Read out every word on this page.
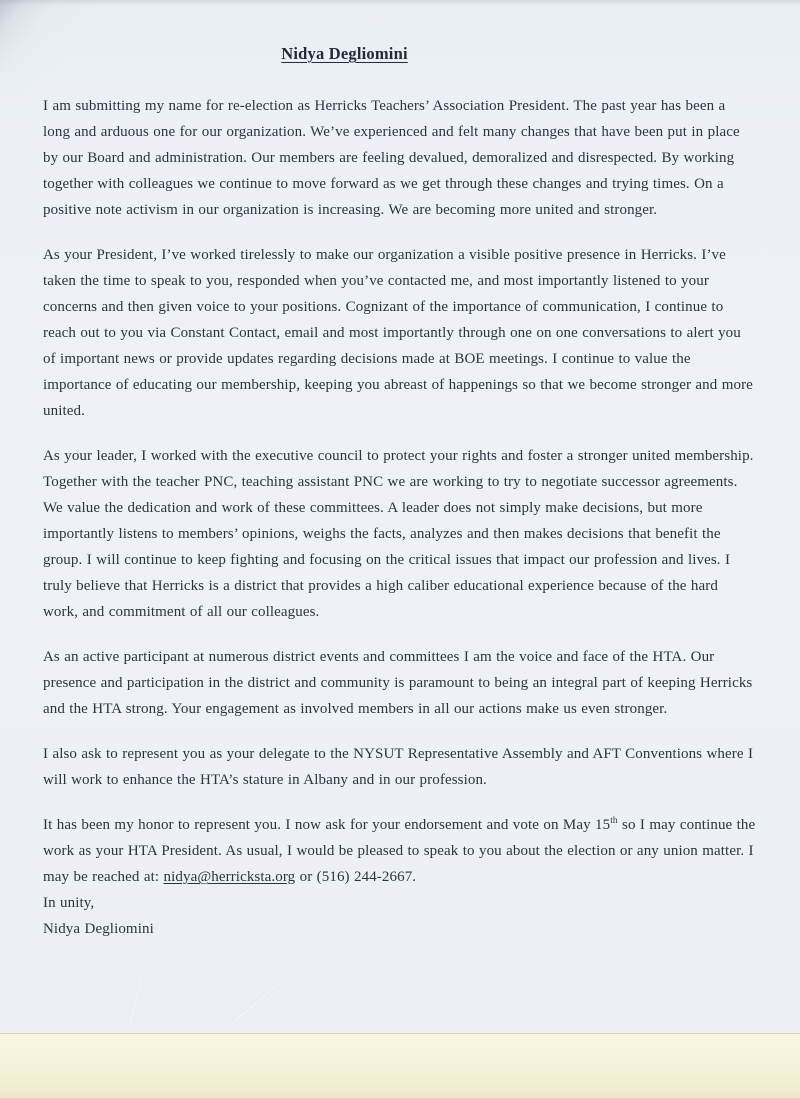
Nidya Degliomini

I am submitting my name for re-election as Herricks Teachers’ Association President. The past year has been a long and arduous one for our organization. We’ve experienced and felt many changes that have been put in place by our Board and administration. Our members are feeling devalued, demoralized and disrespected. By working together with colleagues we continue to move forward as we get through these changes and trying times. On a positive note activism in our organization is increasing. We are becoming more united and stronger.

As your President, I’ve worked tirelessly to make our organization a visible positive presence in Herricks. I’ve taken the time to speak to you, responded when you’ve contacted me, and most importantly listened to your concerns and then given voice to your positions. Cognizant of the importance of communication, I continue to reach out to you via Constant Contact, email and most importantly through one on one conversations to alert you of important news or provide updates regarding decisions made at BOE meetings. I continue to value the importance of educating our membership, keeping you abreast of happenings so that we become stronger and more united.

As your leader, I worked with the executive council to protect your rights and foster a stronger united membership. Together with the teacher PNC, teaching assistant PNC we are working to try to negotiate successor agreements. We value the dedication and work of these committees. A leader does not simply make decisions, but more importantly listens to members’ opinions, weighs the facts, analyzes and then makes decisions that benefit the group. I will continue to keep fighting and focusing on the critical issues that impact our profession and lives. I truly believe that Herricks is a district that provides a high caliber educational experience because of the hard work, and commitment of all our colleagues.

As an active participant at numerous district events and committees I am the voice and face of the HTA. Our presence and participation in the district and community is paramount to being an integral part of keeping Herricks and the HTA strong. Your engagement as involved members in all our actions make us even stronger.

I also ask to represent you as your delegate to the NYSUT Representative Assembly and AFT Conventions where I will work to enhance the HTA’s stature in Albany and in our profession.

It has been my honor to represent you. I now ask for your endorsement and vote on May 15th so I may continue the work as your HTA President. As usual, I would be pleased to speak to you about the election or any union matter. I may be reached at: nidya@herricksta.org or (516) 244-2667.

In unity,

Nidya Degliomini
